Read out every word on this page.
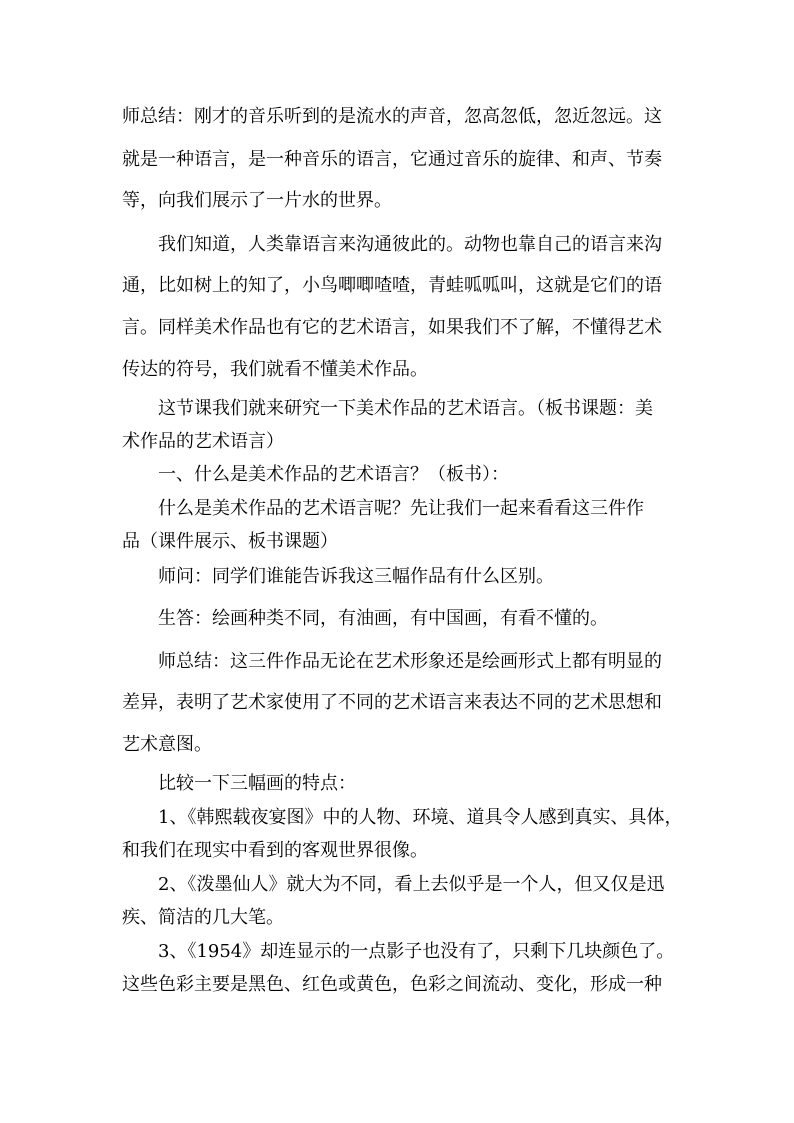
师总结：刚才的音乐听到的是流水的声音，忽高忽低，忽近忽远。这
就是一种语言，是一种音乐的语言，它通过音乐的旋律、和声、节奏
等，向我们展示了一片水的世界。
我们知道，人类靠语言来沟通彼此的。动物也靠自己的语言来沟
通，比如树上的知了，小鸟唧唧喳喳，青蛙呱呱叫，这就是它们的语
言。同样美术作品也有它的艺术语言，如果我们不了解，不懂得艺术
传达的符号，我们就看不懂美术作品。
这节课我们就来研究一下美术作品的艺术语言。（板书课题：美
术作品的艺术语言）
一、什么是美术作品的艺术语言？（板书）：
什么是美术作品的艺术语言呢？先让我们一起来看看这三件作
品（课件展示、板书课题）
师问：同学们谁能告诉我这三幅作品有什么区别。
生答：绘画种类不同，有油画，有中国画，有看不懂的。
师总结：这三件作品无论在艺术形象还是绘画形式上都有明显的
差异，表明了艺术家使用了不同的艺术语言来表达不同的艺术思想和
艺术意图。
比较一下三幅画的特点：
1、《韩熙载夜宴图》中的人物、环境、道具令人感到真实、具体，
和我们在现实中看到的客观世界很像。
2、《泼墨仙人》就大为不同，看上去似乎是一个人，但又仅是迅
疾、简洁的几大笔。
3、《1954》却连显示的一点影子也没有了，只剩下几块颜色了。
这些色彩主要是黑色、红色或黄色，色彩之间流动、变化，形成一种
